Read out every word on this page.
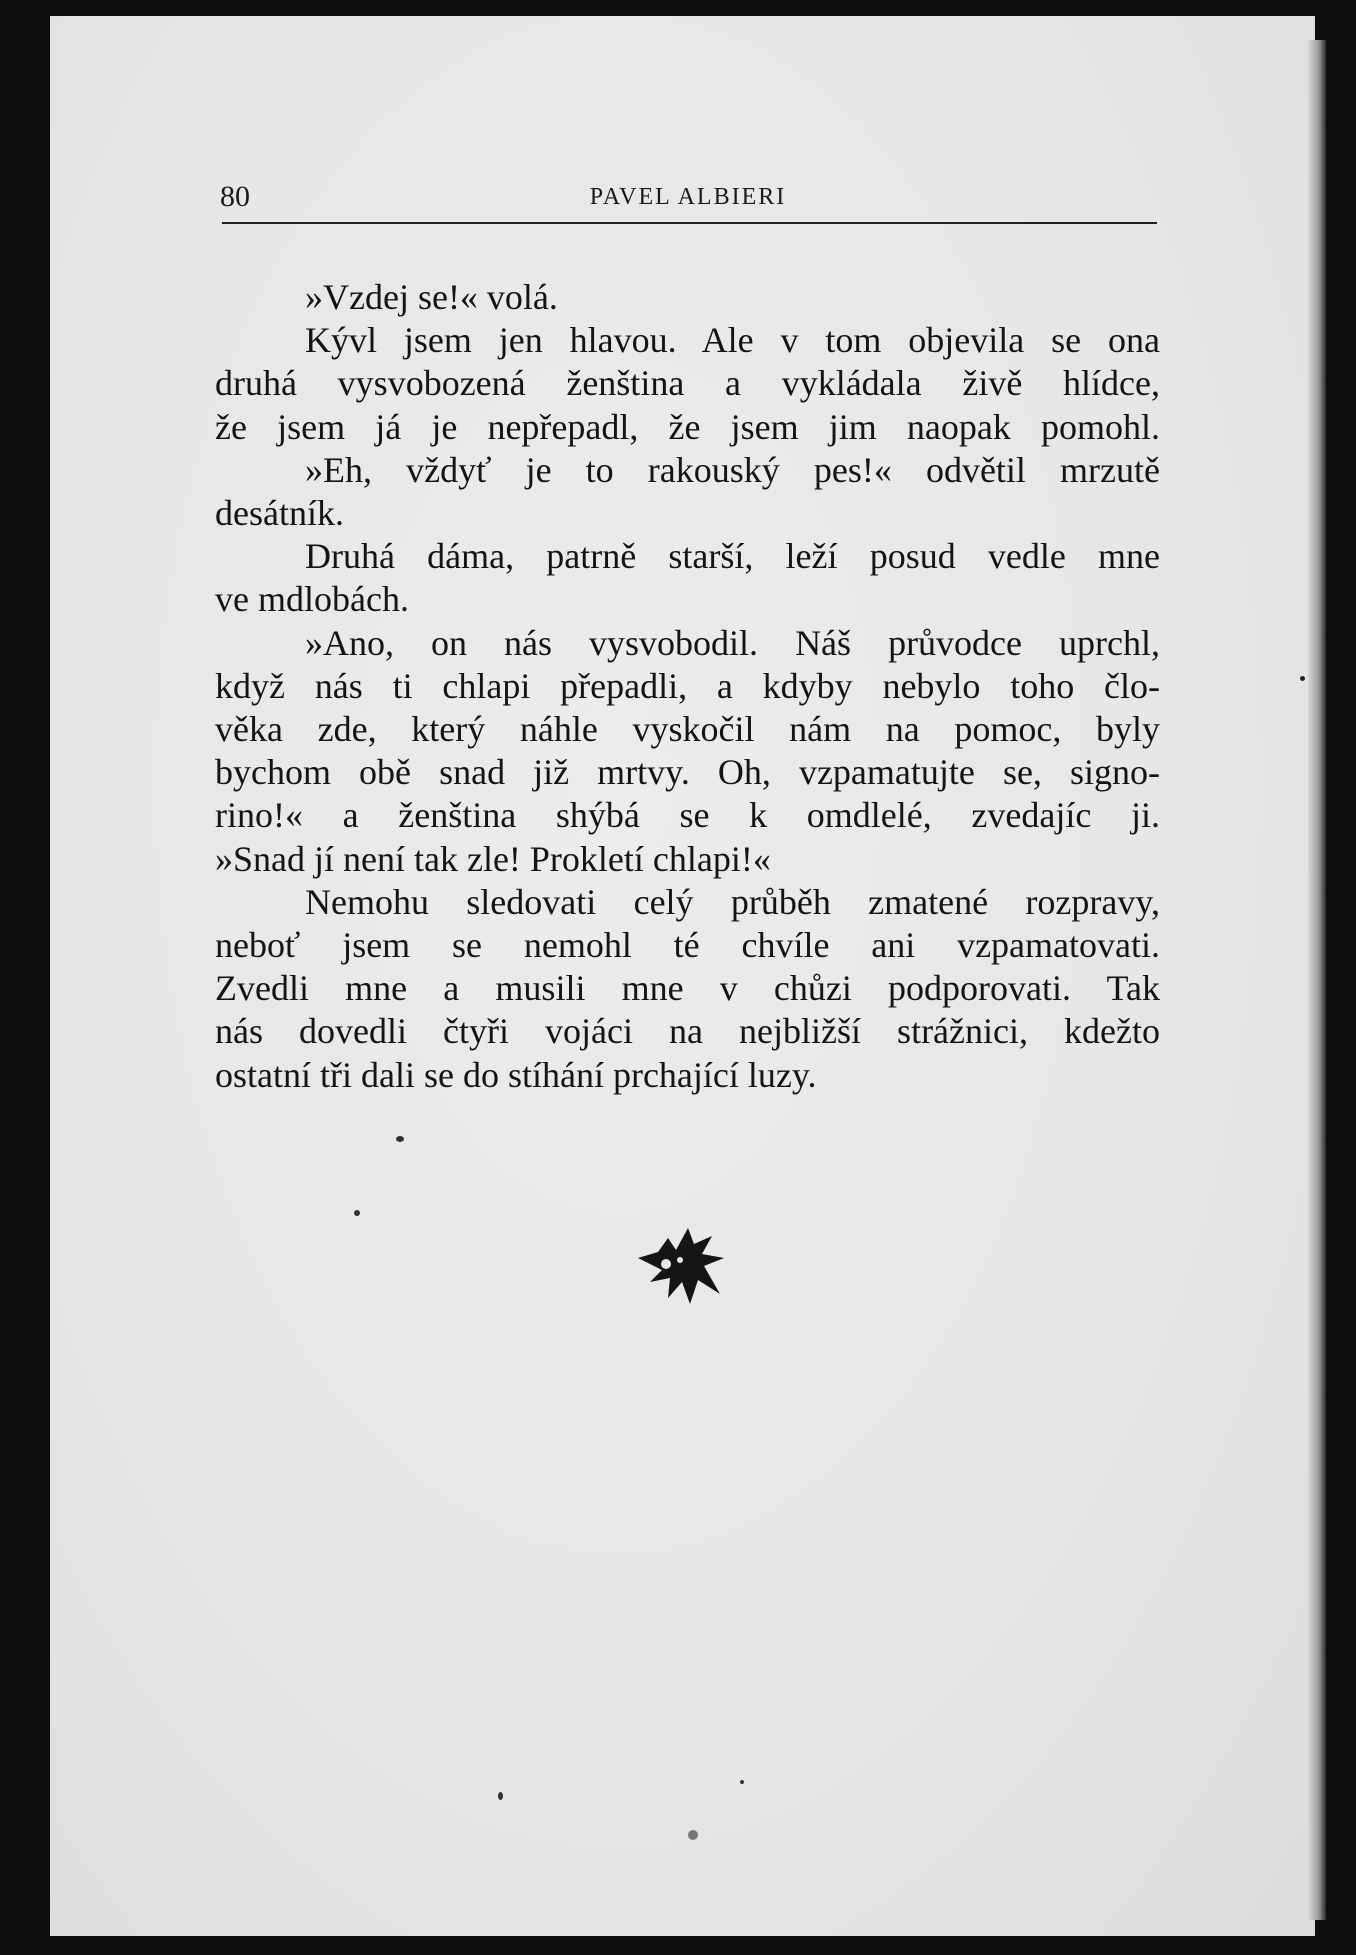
80	PAVEL ALBIERI

»Vzdej se!« volá.
Kývl jsem jen hlavou. Ale v tom objevila se ona
druhá vysvobozená ženština a vykládala živě hlídce,
že jsem já je nepřepadl, že jsem jim naopak pomohl.
»Eh, vždyť je to rakouský pes!« odvětil mrzutě
desátník.
Druhá dáma, patrně starší, leží posud vedle mne
ve mdlobách.
»Ano, on nás vysvobodil. Náš průvodce uprchl,
když nás ti chlapi přepadli, a kdyby nebylo toho člo-
věka zde, který náhle vyskočil nám na pomoc, byly
bychom obě snad již mrtvy. Oh, vzpamatujte se, signo-
rino!« a ženština shýbá se k omdlelé, zvedajíc ji.
»Snad jí není tak zle! Prokletí chlapi!«
Nemohu sledovati celý průběh zmatené rozpravy,
neboť jsem se nemohl té chvíle ani vzpamatovati.
Zvedli mne a musili mne v chůzi podporovati. Tak
nás dovedli čtyři vojáci na nejbližší strážnici, kdežto
ostatní tři dali se do stíhání prchající luzy.
